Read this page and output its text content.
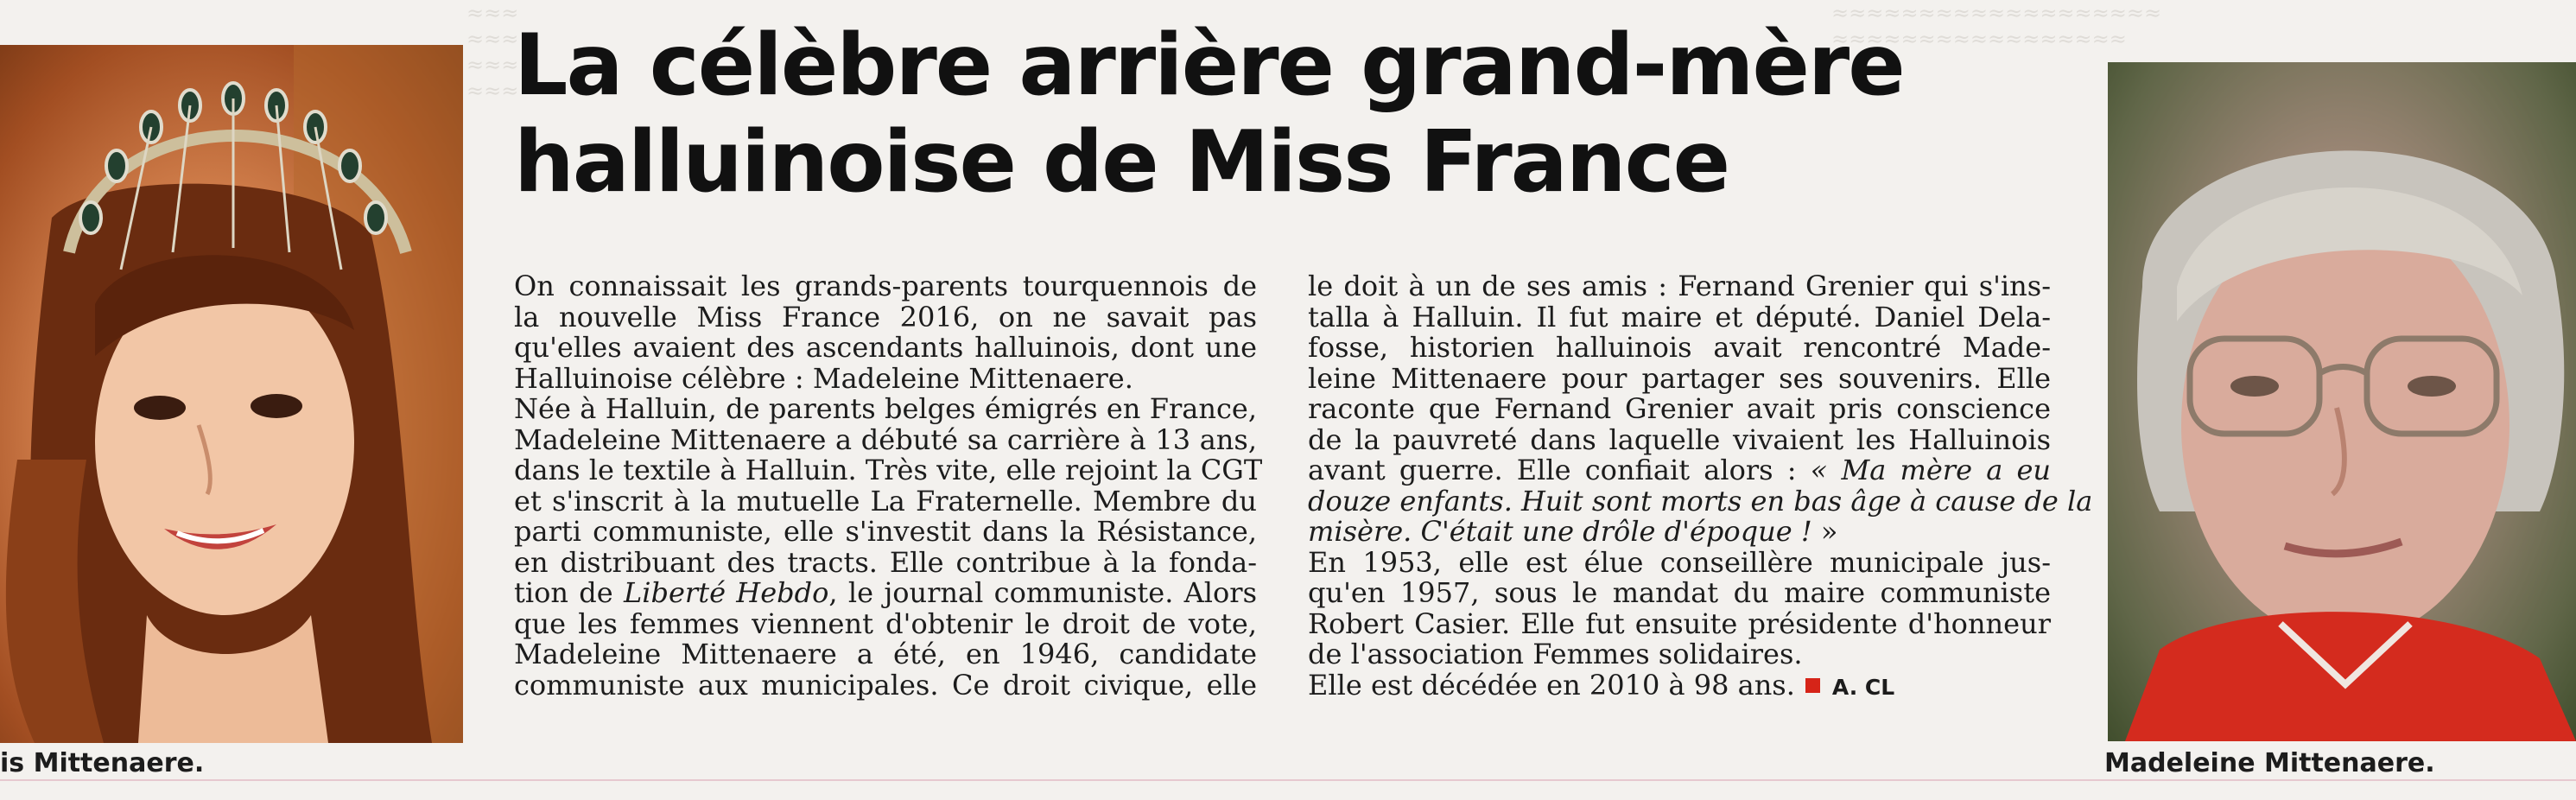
≈≈≈
≈≈≈
≈≈≈
≈≈≈
≈≈≈≈≈≈≈≈≈≈≈≈≈≈≈≈≈≈≈
≈≈≈≈≈≈≈≈≈≈≈≈≈≈≈≈≈
La célèbre arrière grand-mère
halluinoise de Miss France
On connaissait les grands-parents tourquennois de
la nouvelle Miss France 2016, on ne savait pas
qu'elles avaient des ascendants halluinois, dont une
Halluinoise célèbre : Madeleine Mittenaere.
Née à Halluin, de parents belges émigrés en France,
Madeleine Mittenaere a débuté sa carrière à 13 ans,
dans le textile à Halluin. Très vite, elle rejoint la CGT
et s'inscrit à la mutuelle La Fraternelle. Membre du
parti communiste, elle s'investit dans la Résistance,
en distribuant des tracts. Elle contribue à la fonda-
tion de Liberté Hebdo, le journal communiste. Alors
que les femmes viennent d'obtenir le droit de vote,
Madeleine Mittenaere a été, en 1946, candidate
communiste aux municipales. Ce droit civique, elle
le doit à un de ses amis : Fernand Grenier qui s'ins-
talla à Halluin. Il fut maire et député. Daniel Dela-
fosse, historien halluinois avait rencontré Made-
leine Mittenaere pour partager ses souvenirs. Elle
raconte que Fernand Grenier avait pris conscience
de la pauvreté dans laquelle vivaient les Halluinois
avant guerre. Elle confiait alors : « Ma mère a eu
douze enfants. Huit sont morts en bas âge à cause de la
misère. C'était une drôle d'époque ! »
En 1953, elle est élue conseillère municipale jus-
qu'en 1957, sous le mandat du maire communiste
Robert Casier. Elle fut ensuite présidente d'honneur
de l'association Femmes solidaires.
Elle est décédée en 2010 à 98 ans. A. CL
is Mittenaere.	Madeleine Mittenaere.
